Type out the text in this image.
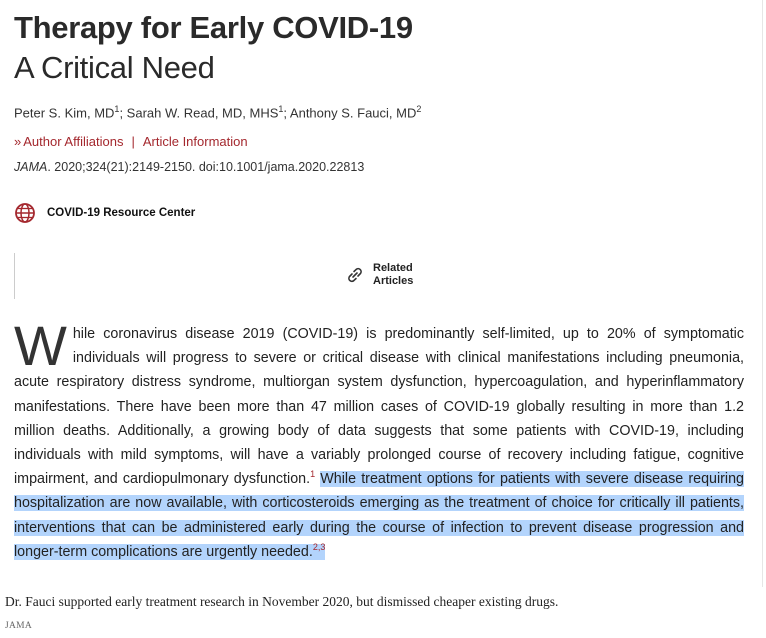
Therapy for Early COVID-19
A Critical Need
Peter S. Kim, $MD^1$; Sarah W. Read, MD, MHS$^1$; Anthony S. Fauci, $MD^2$
» Author Affiliations | Article Information
JAMA. 2020;324(21):2149-2150. doi:10.1001/jama.2020.22813
COVID-19 Resource Center
Related
Articles
While coronavirus disease 2019 (COVID-19) is predominantly self-limited, up to 20% of symptomatic individuals will progress to severe or critical disease with clinical manifestations including pneumonia, acute respiratory distress syndrome, multiorgan system dysfunction, hypercoagulation, and hyperinflammatory manifestations. There have been more than 47 million cases of COVID-19 globally resulting in more than 1.2 million deaths. Additionally, a growing body of data suggests that some patients with COVID-19, including individuals with mild symptoms, will have a variably prolonged course of recovery including fatigue, cognitive impairment, and cardiopulmonary dysfunction.$^1$ While treatment options for patients with severe disease requiring hospitalization are now available, with corticosteroids emerging as the treatment of choice for critically ill patients, interventions that can be administered early during the course of infection to prevent disease progression and longer-term complications are urgently needed.$^{2,3}$
Dr. Fauci supported early treatment research in November 2020, but dismissed cheaper existing drugs.
JAMA
